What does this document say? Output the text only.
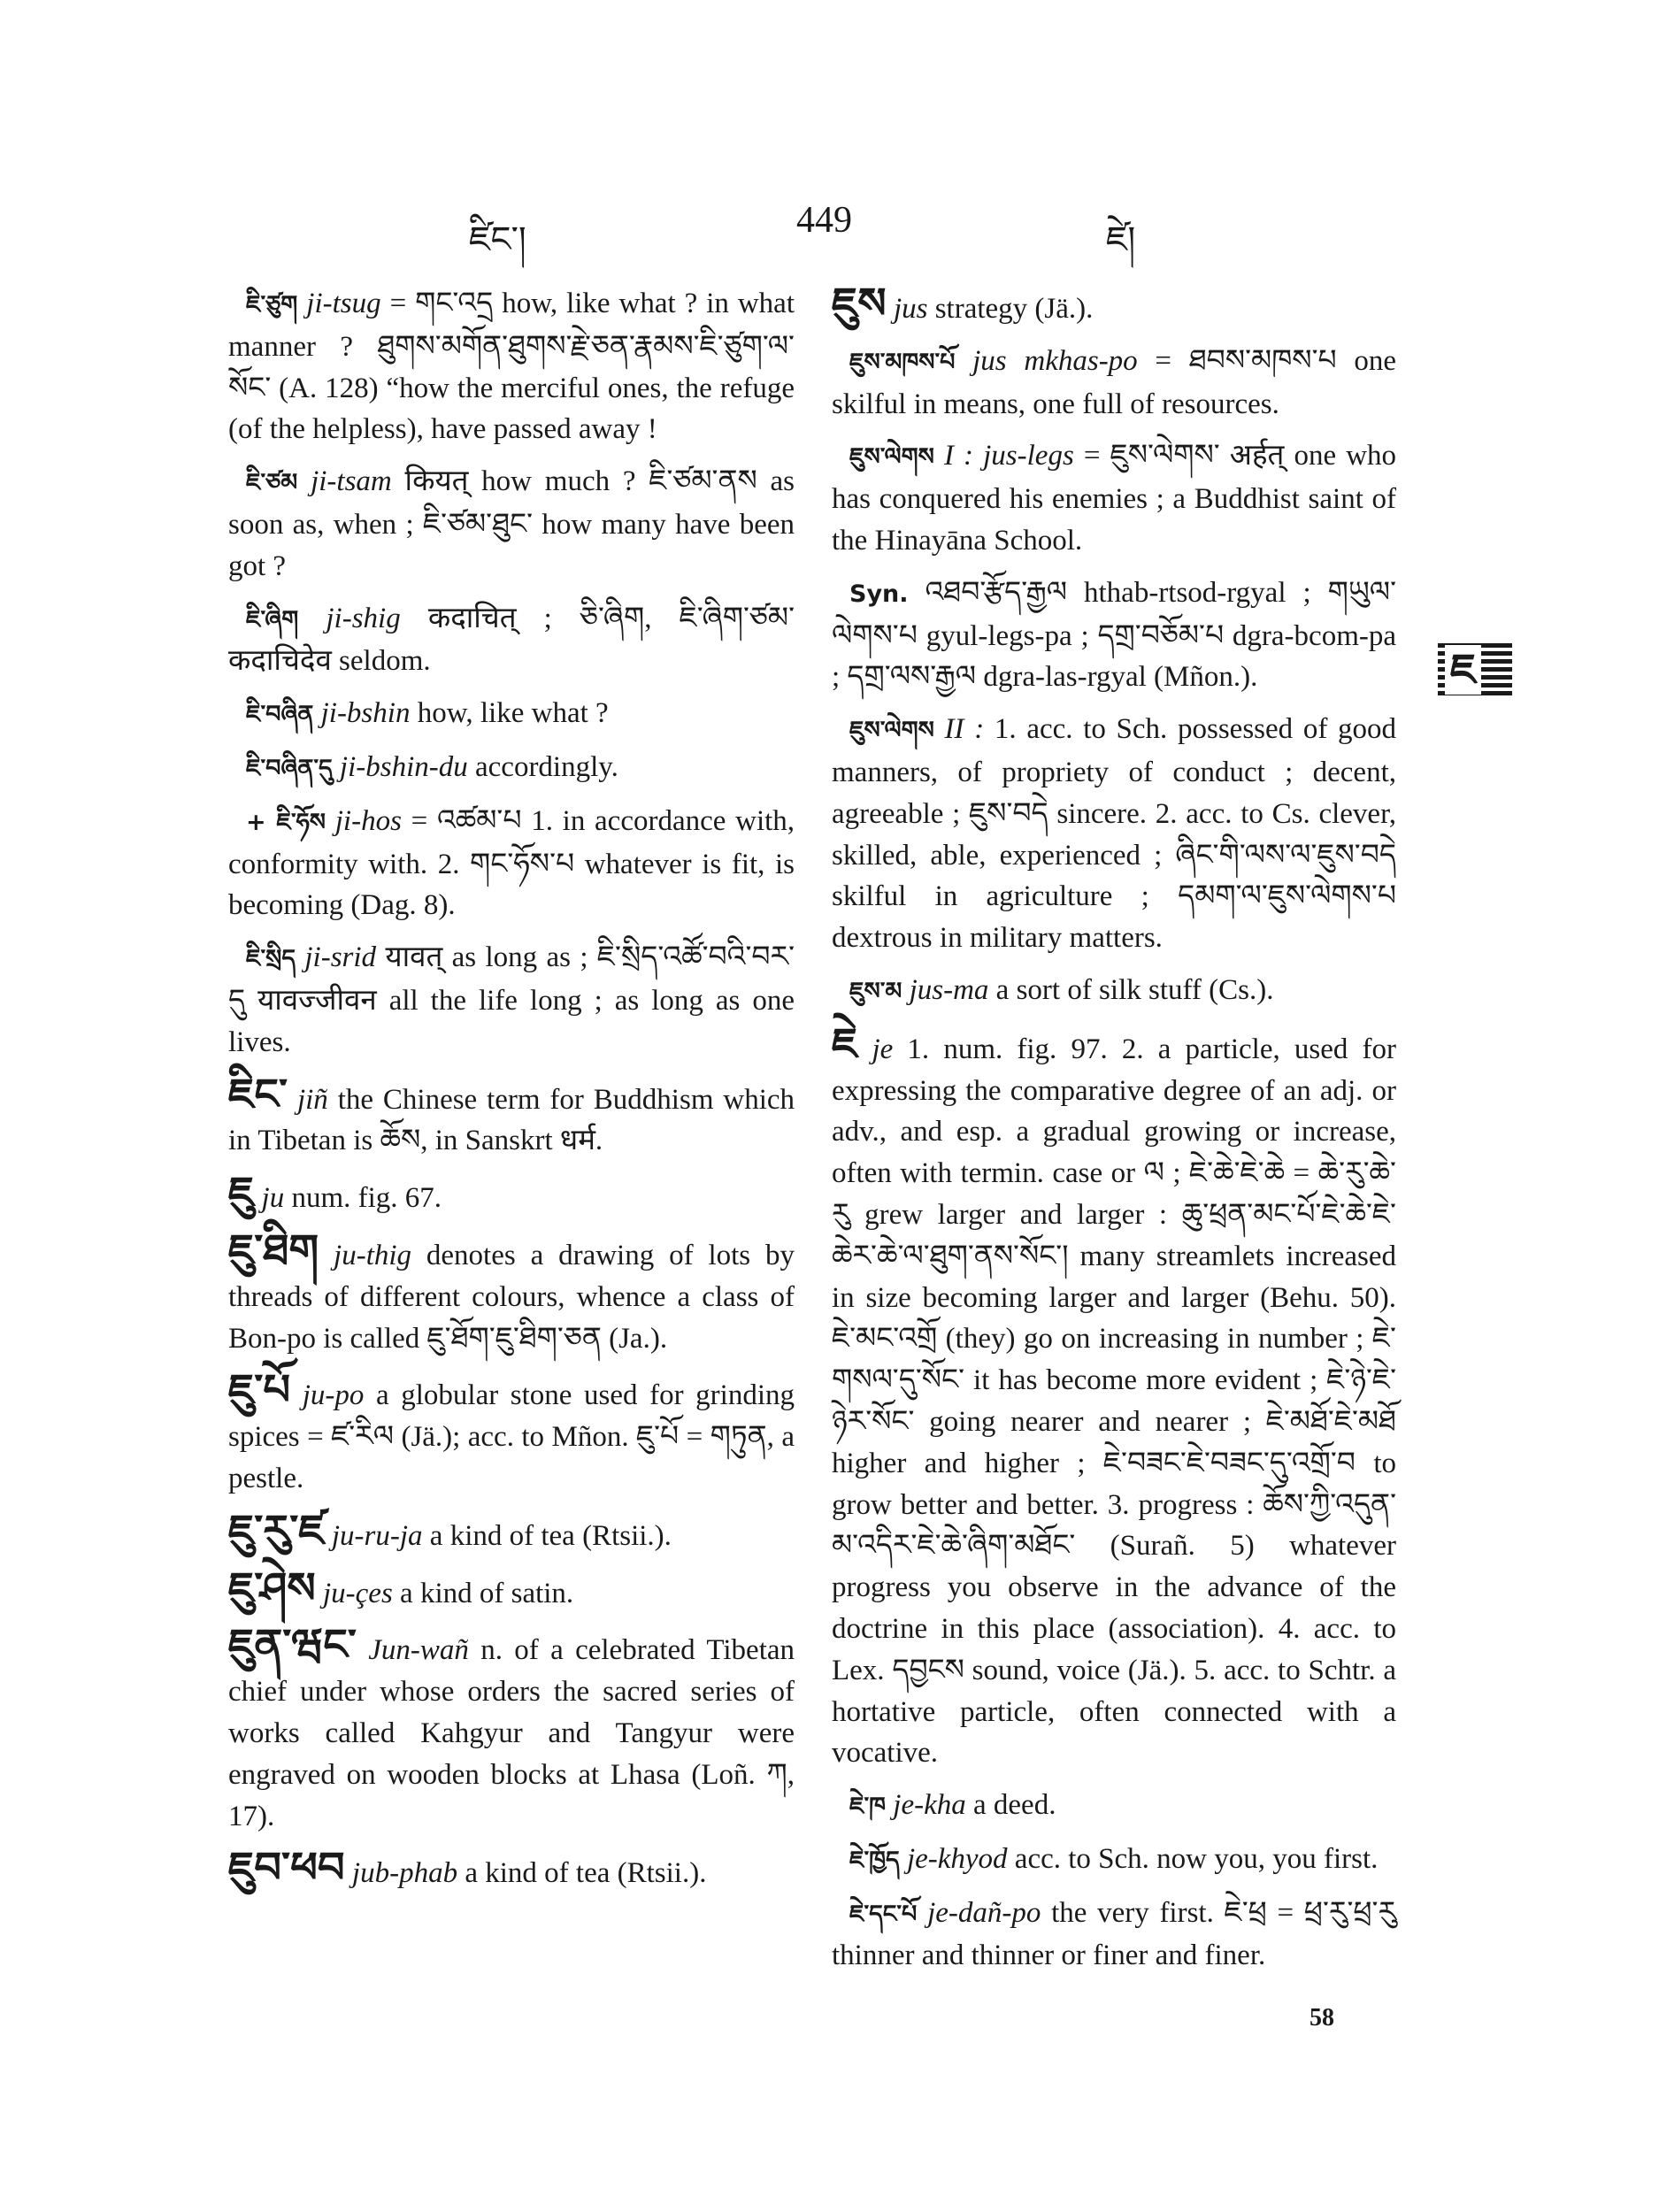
ཛིང་།	449	ཛེ།

ཇི་ཙུག ji-tsug = གང་འདྲ how, like what ? in what manner ? ཐུགས་མགོན་ཐུགས་རྗེ་ཅན་རྣམས་ཇི་ཙུག་ལ་སོང་ (A. 128) “how the merciful ones, the refuge (of the helpless), have passed away !

ཇི་ཙམ ji-tsam कियत् how much ? ཇི་ཙམ་ནས as soon as, when ; ཇི་ཙམ་ཐུང་ how many have been got ?

ཇི་ཞིག ji-shig कदाचित् ; ཅི་ཞིག, ཇི་ཞིག་ཙམ་ कदाचिदेव seldom.

ཇི་བཞིན ji-bshin how, like what ?

ཇི་བཞིན་དུ ji-bshin-du accordingly.

+ ཇི་ཧོས ji-hos = འཚམ་པ 1. in accordance with, conformity with. 2. གང་ཧོས་པ whatever is fit, is becoming (Dag. 8).

ཇི་སྲིད ji-srid यावत् as long as ; ཇི་སྲིད་འཚོ་བའི་བར་དུ यावज्जीवन all the life long ; as long as one lives.

ཇིང་ jiñ the Chinese term for Buddhism which in Tibetan is ཆོས, in Sanskrt धर्म.

ཇུ ju num. fig. 67.

ཇུ་ཐིག ju-thig denotes a drawing of lots by threads of different colours, whence a class of Bon-po is called ཇུ་ཐོག་ཇུ་ཐིག་ཅན (Ja.).

ཇུ་པོ ju-po a globular stone used for grinding spices = ཛ་རིལ (Jä.); acc. to Mñon. ཇུ་པོ = གཏུན, a pestle.

ཇུ་རུ་ཛ ju-ru-ja a kind of tea (Rtsii.).

ཇུ་ཤེས ju-çes a kind of satin.

ཇུན་ཝང་ Jun-wañ n. of a celebrated Tibetan chief under whose orders the sacred series of works called Kahgyur and Tangyur were engraved on wooden blocks at Lhasa (Loñ. ཀ, 17).

ཇུབ་ཕབ jub-phab a kind of tea (Rtsii.).

ཇུས jus strategy (Jä.).

ཇུས་མཁས་པོ jus mkhas-po = ཐབས་མཁས་པ one skilful in means, one full of resources.

ཇུས་ལེགས I : jus-legs = ཇུས་ལེགས་ अर्हत् one who has conquered his enemies ; a Buddhist saint of the Hinayāna School.

Syn. འཐབ་རྩོད་རྒྱལ hthab-rtsod-rgyal ; གཡུལ་ལེགས་པ gyul-legs-pa ; དགྲ་བཅོམ་པ dgra-bcom-pa ; དགྲ་ལས་རྒྱལ dgra-las-rgyal (Mñon.).

ཇུས་ལེགས II : 1. acc. to Sch. possessed of good manners, of propriety of conduct ; decent, agreeable ; ཇུས་བདེ sincere. 2. acc. to Cs. clever, skilled, able, experienced ; ཞིང་གི་ལས་ལ་ཇུས་བདེ skilful in agriculture ; དམག་ལ་ཇུས་ལེགས་པ dextrous in military matters.

ཇུས་མ jus-ma a sort of silk stuff (Cs.).

ཇེ je 1. num. fig. 97. 2. a particle, used for expressing the comparative degree of an adj. or adv., and esp. a gradual growing or increase, often with termin. case or ལ ; ཇེ་ཆེ་ཇེ་ཆེ = ཆེ་རུ་ཆེ་རུ grew larger and larger : ཆུ་ཕྲན་མང་པོ་ཇེ་ཆེ་ཇེ་ཆེར་ཆེ་ལ་ཐུག་ནས་སོང་། many streamlets increased in size becoming larger and larger (Behu. 50). ཇེ་མང་འགྲོ (they) go on increasing in number ; ཇེ་གསལ་དུ་སོང་ it has become more evident ; ཇེ་ཉེ་ཇེ་ཉེར་སོང་ going nearer and nearer ; ཇེ་མཐོ་ཇེ་མཐོ higher and higher ; ཇེ་བཟང་ཇེ་བཟང་དུ་འགྲོ་བ to grow better and better. 3. progress : ཆོས་ཀྱི་འདུན་མ་འདིར་ཇེ་ཆེ་ཞིག་མཐོང་ (Surañ. 5) whatever progress you observe in the advance of the doctrine in this place (association). 4. acc. to Lex. དབྱངས sound, voice (Jä.). 5. acc. to Schtr. a hortative particle, often connected with a vocative.

ཇེ་ཁ je-kha a deed.

ཇེ་ཁྱོད je-khyod acc. to Sch. now you, you first.

ཇེ་དང་པོ je-dañ-po the very first. ཇེ་ཕྲ = ཕྲ་རུ་ཕྲ་རུ thinner and thinner or finer and finer.

ཇ
58
